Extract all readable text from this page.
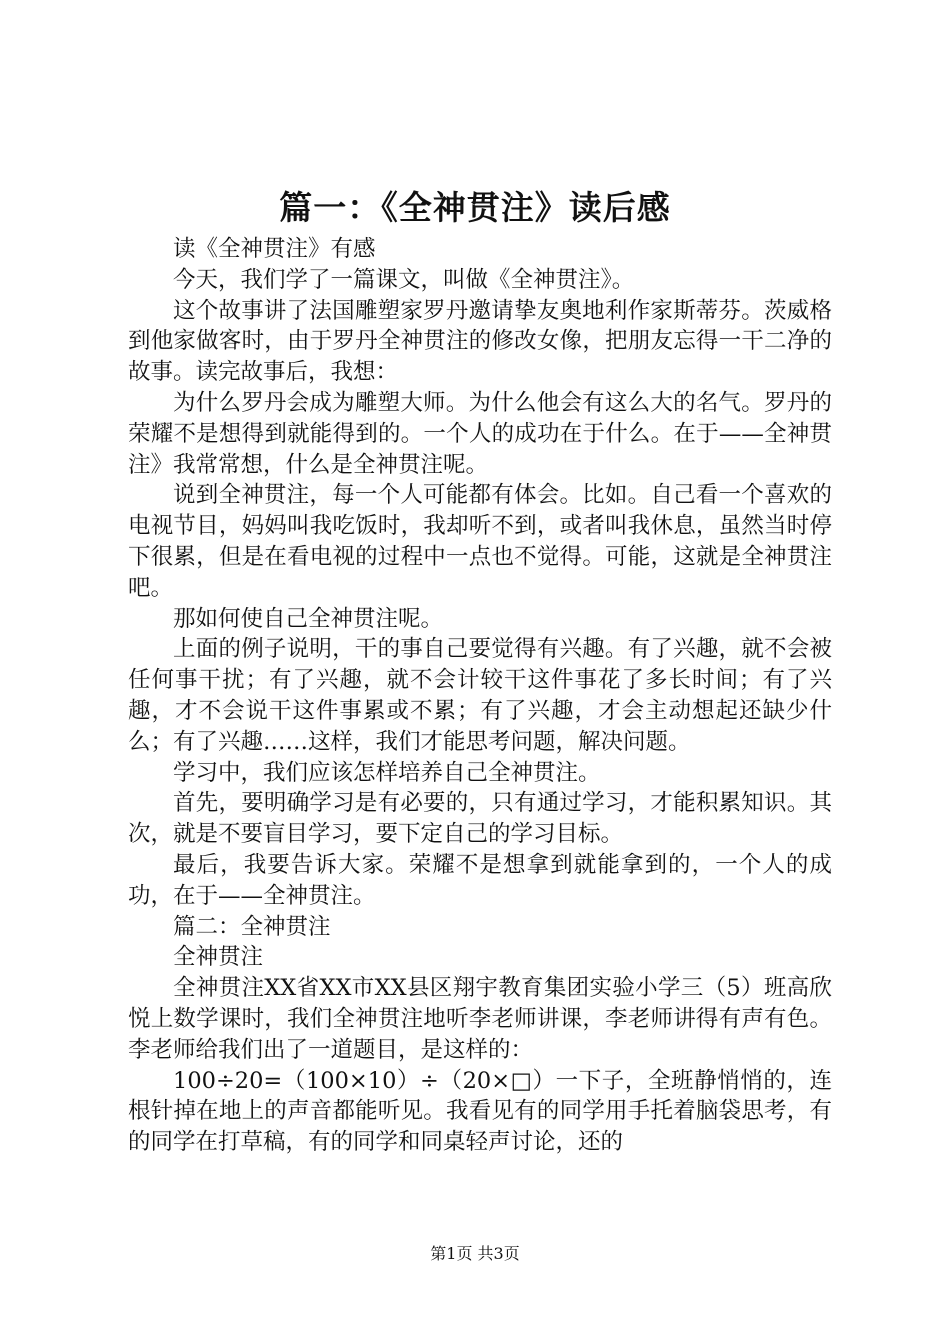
篇一：《全神贯注》读后感

读《全神贯注》有感

今天，我们学了一篇课文，叫做《全神贯注》。

这个故事讲了法国雕塑家罗丹邀请挚友奥地利作家斯蒂芬。茨威格到他家做客时，由于罗丹全神贯注的修改女像，把朋友忘得一干二净的故事。读完故事后，我想：

为什么罗丹会成为雕塑大师。为什么他会有这么大的名气。罗丹的荣耀不是想得到就能得到的。一个人的成功在于什么。在于——全神贯注》我常常想，什么是全神贯注呢。

说到全神贯注，每一个人可能都有体会。比如。自己看一个喜欢的电视节目，妈妈叫我吃饭时，我却听不到，或者叫我休息，虽然当时停下很累，但是在看电视的过程中一点也不觉得。可能，这就是全神贯注吧。

那如何使自己全神贯注呢。

上面的例子说明，干的事自己要觉得有兴趣。有了兴趣，就不会被任何事干扰；有了兴趣，就不会计较干这件事花了多长时间；有了兴趣，才不会说干这件事累或不累；有了兴趣，才会主动想起还缺少什么；有了兴趣……这样，我们才能思考问题，解决问题。

学习中，我们应该怎样培养自己全神贯注。

首先，要明确学习是有必要的，只有通过学习，才能积累知识。其次，就是不要盲目学习，要下定自己的学习目标。

最后，我要告诉大家。荣耀不是想拿到就能拿到的，一个人的成功，在于——全神贯注。

篇二：全神贯注

全神贯注

全神贯注XX省XX市XX县区翔宇教育集团实验小学三（5）班高欣悦上数学课时，我们全神贯注地听李老师讲课，李老师讲得有声有色。李老师给我们出了一道题目，是这样的：

100÷20=（100×10）÷（20×□）一下子，全班静悄悄的，连根针掉在地上的声音都能听见。我看见有的同学用手托着脑袋思考，有的同学在打草稿，有的同学和同桌轻声讨论，还的

第1页 共3页
